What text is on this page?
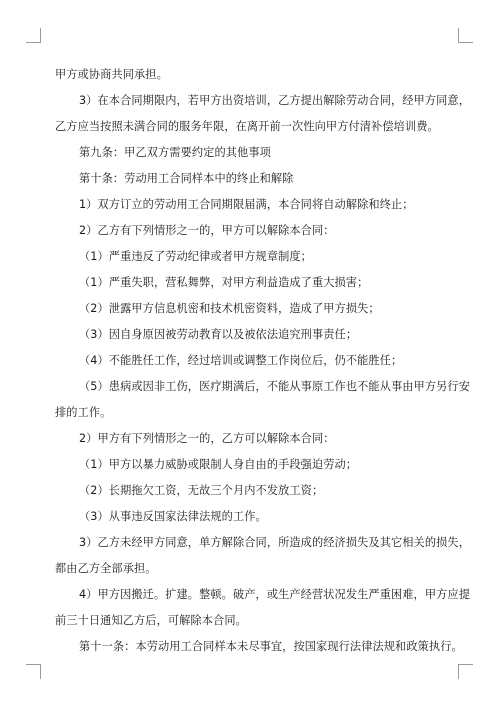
甲方或协商共同承担。
3）在本合同期限内，若甲方出资培训，乙方提出解除劳动合同，经甲方同意，
乙方应当按照未满合同的服务年限，在离开前一次性向甲方付清补偿培训费。
第九条：甲乙双方需要约定的其他事项
第十条：劳动用工合同样本中的终止和解除
1）双方订立的劳动用工合同期限届满，本合同将自动解除和终止；
2）乙方有下列情形之一的，甲方可以解除本合同：
（1）严重违反了劳动纪律或者甲方规章制度；
（1）严重失职，营私舞弊，对甲方利益造成了重大损害；
（2）泄露甲方信息机密和技术机密资料，造成了甲方损失；
（3）因自身原因被劳动教育以及被依法追究刑事责任；
（4）不能胜任工作，经过培训或调整工作岗位后，仍不能胜任；
（5）患病或因非工伤，医疗期满后，不能从事原工作也不能从事由甲方另行安
排的工作。
2）甲方有下列情形之一的，乙方可以解除本合同：
（1）甲方以暴力威胁或限制人身自由的手段强迫劳动；
（2）长期拖欠工资，无故三个月内不发放工资；
（3）从事违反国家法律法规的工作。
3）乙方未经甲方同意，单方解除合同，所造成的经济损失及其它相关的损失，
都由乙方全部承担。
4）甲方因搬迁。扩建。整顿。破产，或生产经营状况发生严重困难，甲方应提
前三十日通知乙方后，可解除本合同。
第十一条：本劳动用工合同样本未尽事宜，按国家现行法律法规和政策执行。
